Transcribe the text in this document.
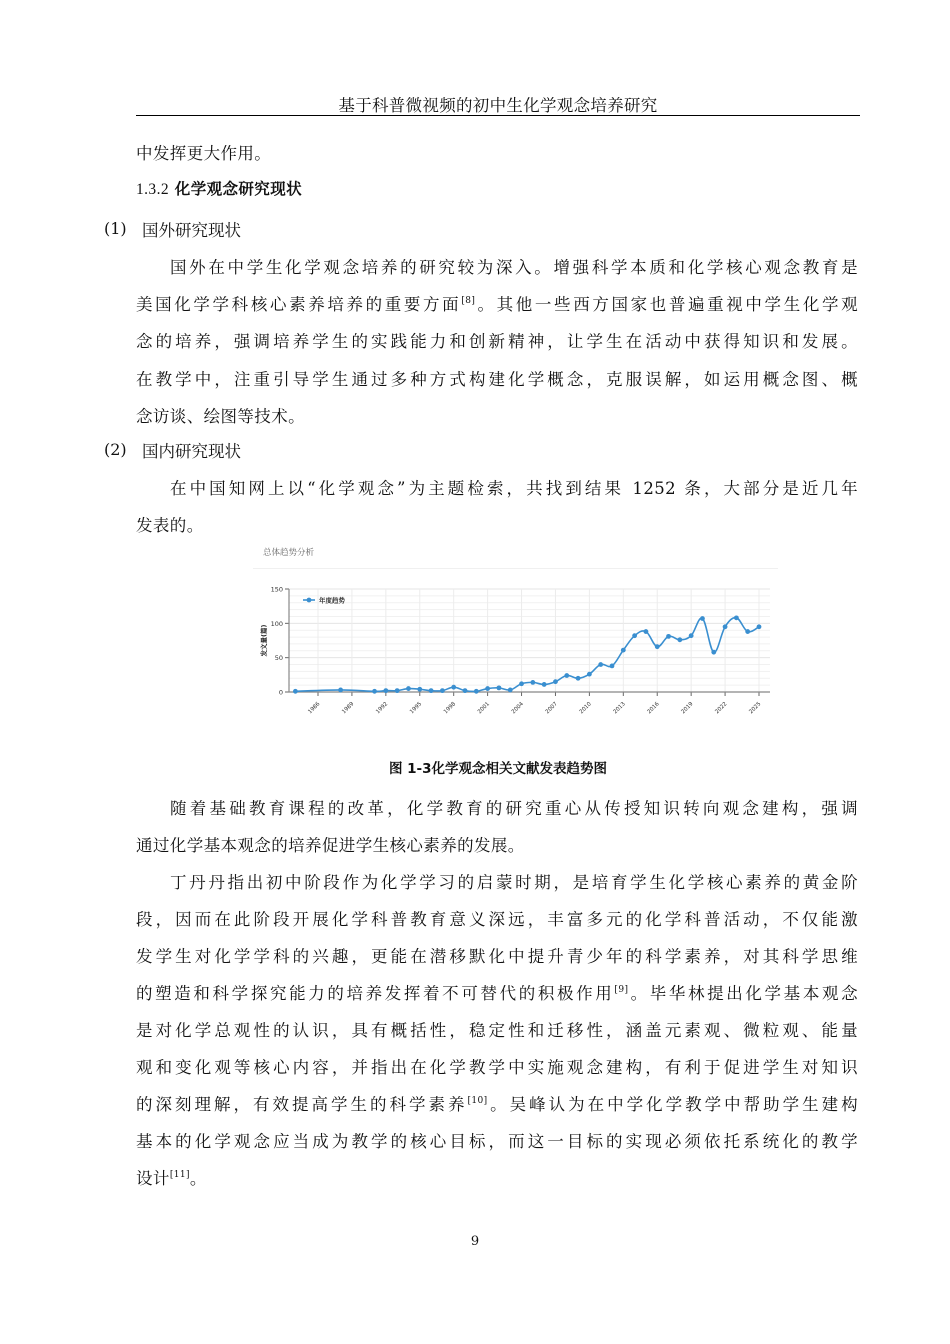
基于科普微视频的初中生化学观念培养研究
中发挥更大作用。
1.3.2 化学观念研究现状
(1) 国外研究现状
国外在中学生化学观念培养的研究较为深入。增强科学本质和化学核心观念教育是
美国化学学科核心素养培养的重要方面[8]。其他一些西方国家也普遍重视中学生化学观
念的培养，强调培养学生的实践能力和创新精神，让学生在活动中获得知识和发展。
在教学中，注重引导学生通过多种方式构建化学概念，克服误解，如运用概念图、概
念访谈、绘图等技术。
(2) 国内研究现状
在中国知网上以“化学观念”为主题检索，共找到结果 1252 条，大部分是近几年
发表的。
总体趋势分析
0
50
100
150
1986	1989	1992	1995	1998	2001	2004	2007	2010	2013	2016	2019	2022	2025
发文量(篇)
年度趋势
图 1-3化学观念相关文献发表趋势图
随着基础教育课程的改革，化学教育的研究重心从传授知识转向观念建构，强调
通过化学基本观念的培养促进学生核心素养的发展。
丁丹丹指出初中阶段作为化学学习的启蒙时期，是培育学生化学核心素养的黄金阶
段，因而在此阶段开展化学科普教育意义深远，丰富多元的化学科普活动，不仅能激
发学生对化学学科的兴趣，更能在潜移默化中提升青少年的科学素养，对其科学思维
的塑造和科学探究能力的培养发挥着不可替代的积极作用[9]。毕华林提出化学基本观念
是对化学总观性的认识，具有概括性，稳定性和迁移性，涵盖元素观、微粒观、能量
观和变化观等核心内容，并指出在化学教学中实施观念建构，有利于促进学生对知识
的深刻理解，有效提高学生的科学素养[10]。吴峰认为在中学化学教学中帮助学生建构
基本的化学观念应当成为教学的核心目标，而这一目标的实现必须依托系统化的教学
设计[11]。
9
